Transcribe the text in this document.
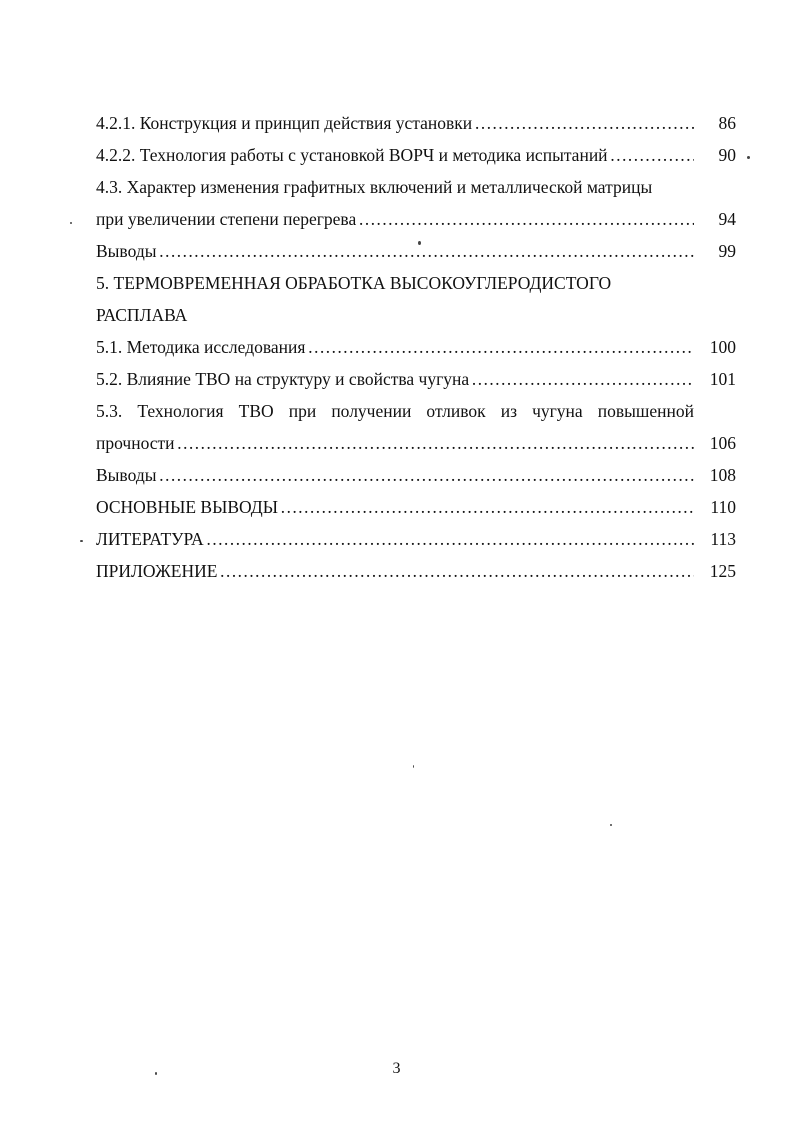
4.2.1. Конструкция и принцип действия установки ………………………………………………………………………………………………………………………………………………………………	86
4.2.2. Технология работы с установкой ВОРЧ и методика испытаний ………………………………………………………………………………………………………………………………………………………………	90
4.3. Характер изменения графитных включений и металлической матрицы
при увеличении степени перегрева ………………………………………………………………………………………………………………………………………………………………	94
Выводы ………………………………………………………………………………………………………………………………………………………………	99
5. ТЕРМОВРЕМЕННАЯ ОБРАБОТКА ВЫСОКОУГЛЕРОДИСТОГО
РАСПЛАВА
5.1. Методика исследования ………………………………………………………………………………………………………………………………………………………………	100
5.2. Влияние ТВО на структуру и свойства чугуна ………………………………………………………………………………………………………………………………………………………………	101
5.3. Технология ТВО при получении отливок из чугуна повышенной
прочности ………………………………………………………………………………………………………………………………………………………………	106
Выводы ………………………………………………………………………………………………………………………………………………………………	108
ОСНОВНЫЕ ВЫВОДЫ ………………………………………………………………………………………………………………………………………………………………	110
ЛИТЕРАТУРА ………………………………………………………………………………………………………………………………………………………………	113
ПРИЛОЖЕНИЕ ………………………………………………………………………………………………………………………………………………………………	125
3
